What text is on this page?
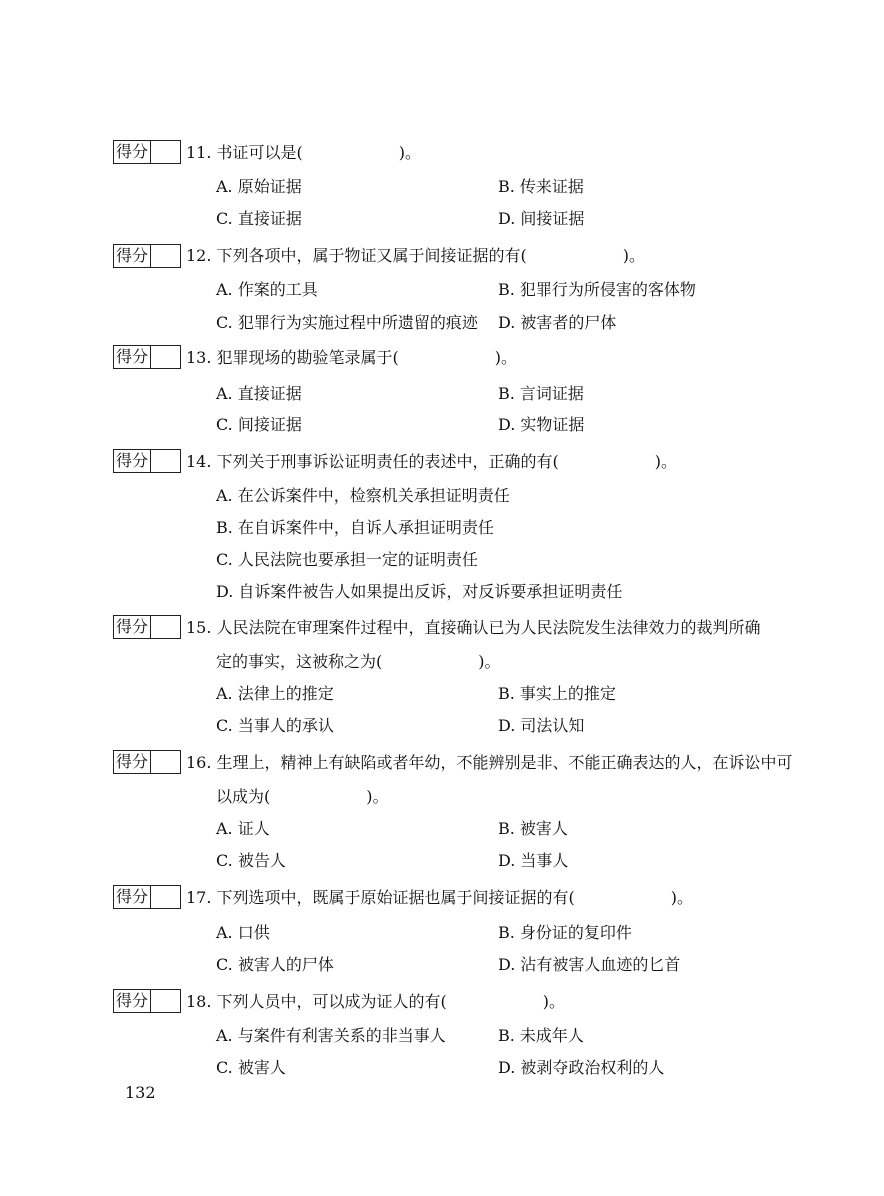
得分 11. 书证可以是(　　　　　　)。
A. 原始证据	B. 传来证据
C. 直接证据	D. 间接证据
得分 12. 下列各项中，属于物证又属于间接证据的有(　　　　　　)。
A. 作案的工具	B. 犯罪行为所侵害的客体物
C. 犯罪行为实施过程中所遗留的痕迹 D. 被害者的尸体
得分 13. 犯罪现场的勘验笔录属于(　　　　　　)。
A. 直接证据	B. 言词证据
C. 间接证据	D. 实物证据
得分 14. 下列关于刑事诉讼证明责任的表述中，正确的有(　　　　　　)。
A. 在公诉案件中，检察机关承担证明责任
B. 在自诉案件中，自诉人承担证明责任
C. 人民法院也要承担一定的证明责任
D. 自诉案件被告人如果提出反诉，对反诉要承担证明责任
得分 15. 人民法院在审理案件过程中，直接确认已为人民法院发生法律效力的裁判所确
定的事实，这被称之为(　　　　　　)。
A. 法律上的推定	B. 事实上的推定
C. 当事人的承认	D. 司法认知
得分 16. 生理上，精神上有缺陷或者年幼，不能辨别是非、不能正确表达的人，在诉讼中可
以成为(　　　　　　)。
A. 证人	B. 被害人
C. 被告人	D. 当事人
得分 17. 下列选项中，既属于原始证据也属于间接证据的有(　　　　　　)。
A. 口供	B. 身份证的复印件
C. 被害人的尸体	D. 沾有被害人血迹的匕首
得分 18. 下列人员中，可以成为证人的有(　　　　　　)。
A. 与案件有利害关系的非当事人	B. 未成年人
C. 被害人	D. 被剥夺政治权利的人
132
